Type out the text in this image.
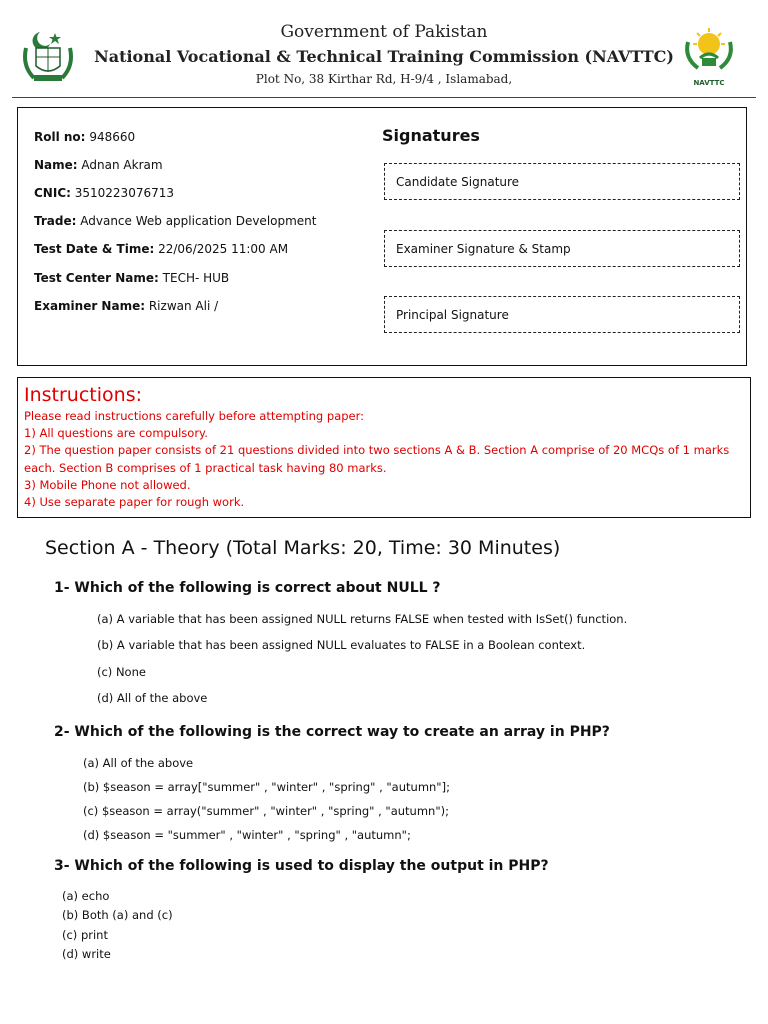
Government of Pakistan
National Vocational & Technical Training Commission (NAVTTC)
Plot No, 38 Kirthar Rd, H-9/4 , Islamabad,	NAVTTC
Roll no: 948660
Name: Adnan Akram
CNIC: 3510223076713
Trade: Advance Web application Development
Test Date & Time: 22/06/2025 11:00 AM
Test Center Name: TECH- HUB
Examiner Name: Rizwan Ali /
Signatures
Candidate Signature
Examiner Signature & Stamp
Principal Signature
Instructions:
Please read instructions carefully before attempting paper:
1) All questions are compulsory.
2) The question paper consists of 21 questions divided into two sections A & B. Section A comprise of 20 MCQs of 1 marks
each. Section B comprises of 1 practical task having 80 marks.
3) Mobile Phone not allowed.
4) Use separate paper for rough work.
Section A - Theory (Total Marks: 20, Time: 30 Minutes)
1- Which of the following is correct about NULL ?
(a) A variable that has been assigned NULL returns FALSE when tested with IsSet() function.
(b) A variable that has been assigned NULL evaluates to FALSE in a Boolean context.
(c) None
(d) All of the above
2- Which of the following is the correct way to create an array in PHP?
(a) All of the above
(b) $season = array["summer" , "winter" , "spring" , "autumn"];
(c) $season = array("summer" , "winter" , "spring" , "autumn");
(d) $season = "summer" , "winter" , "spring" , "autumn";
3- Which of the following is used to display the output in PHP?
(a) echo
(b) Both (a) and (c)
(c) print
(d) write
